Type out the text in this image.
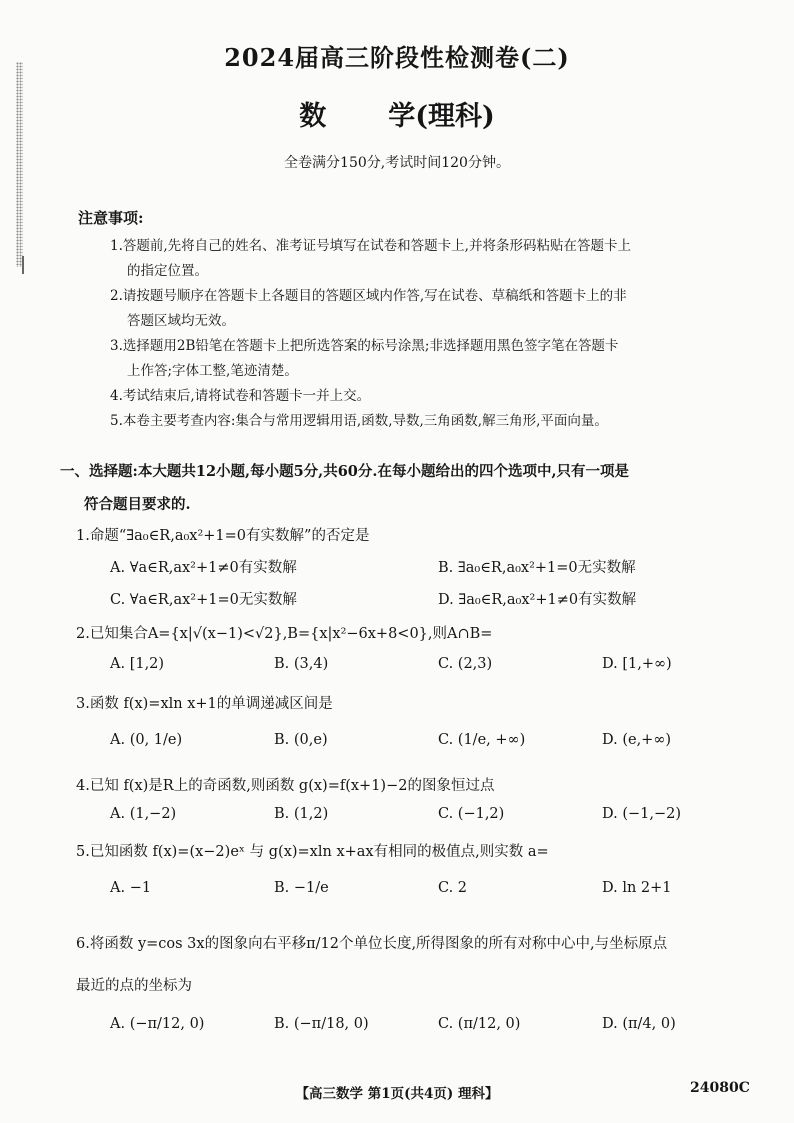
2024届高三阶段性检测卷(二)
数 学(理科)
全卷满分150分,考试时间120分钟。
注意事项:
1.答题前,先将自己的姓名、准考证号填写在试卷和答题卡上,并将条形码粘贴在答题卡上
的指定位置。
2.请按题号顺序在答题卡上各题目的答题区域内作答,写在试卷、草稿纸和答题卡上的非
答题区域均无效。
3.选择题用2B铅笔在答题卡上把所选答案的标号涂黑;非选择题用黑色签字笔在答题卡
上作答;字体工整,笔迹清楚。
4.考试结束后,请将试卷和答题卡一并上交。
5.本卷主要考查内容:集合与常用逻辑用语,函数,导数,三角函数,解三角形,平面向量。
一、选择题:本大题共12小题,每小题5分,共60分.在每小题给出的四个选项中,只有一项是
符合题目要求的.
1.命题“∃a₀∈R,a₀x²+1=0有实数解”的否定是
A. ∀a∈R,ax²+1≠0有实数解	B. ∃a₀∈R,a₀x²+1=0无实数解
C. ∀a∈R,ax²+1=0无实数解	D. ∃a₀∈R,a₀x²+1≠0有实数解
2.已知集合A={x|√(x−1)<√2},B={x|x²−6x+8<0},则A∩B=
A. [1,2)	B. (3,4)	C. (2,3)	D. [1,+∞)
3.函数 f(x)=xln x+1的单调递减区间是
A. (0, 1/e)	B. (0,e)	C. (1/e, +∞)	D. (e,+∞)
4.已知 f(x)是R上的奇函数,则函数 g(x)=f(x+1)−2的图象恒过点
A. (1,−2)	B. (1,2)	C. (−1,2)	D. (−1,−2)
5.已知函数 f(x)=(x−2)eˣ 与 g(x)=xln x+ax有相同的极值点,则实数 a=
A. −1	B. −1/e	C. 2	D. ln 2+1
6.将函数 y=cos 3x的图象向右平移π/12个单位长度,所得图象的所有对称中心中,与坐标原点
最近的点的坐标为
A. (−π/12, 0)	B. (−π/18, 0)	C. (π/12, 0)	D. (π/4, 0)
【高三数学 第1页(共4页) 理科】	24080C
